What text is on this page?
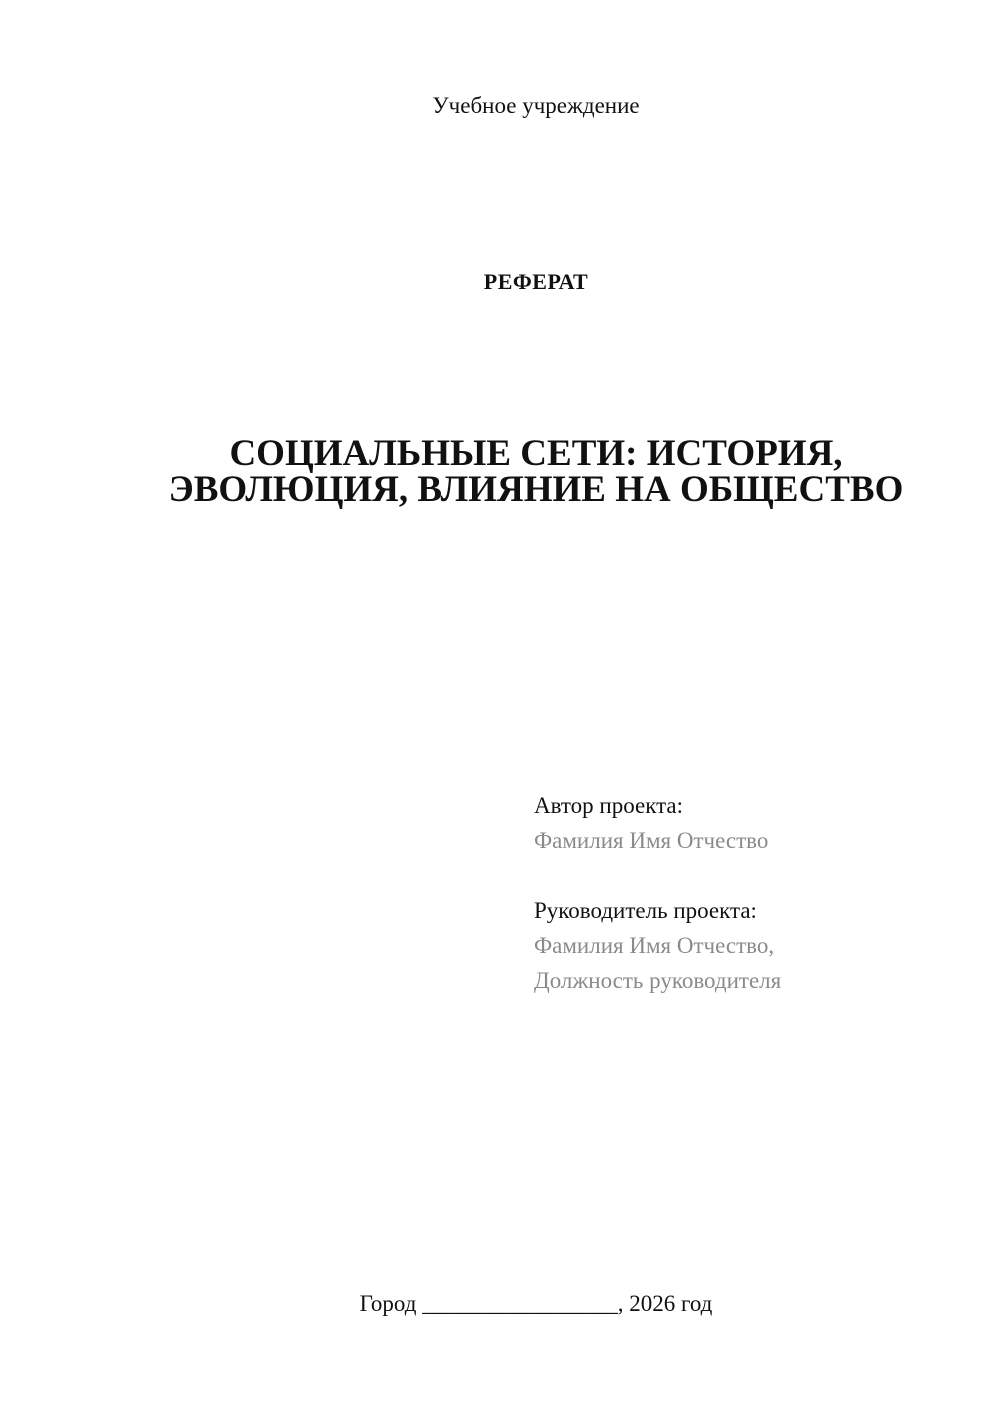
Учебное учреждение
РЕФЕРАТ
СОЦИАЛЬНЫЕ СЕТИ: ИСТОРИЯ,
ЭВОЛЮЦИЯ, ВЛИЯНИЕ НА ОБЩЕСТВО
Автор проекта:
Фамилия Имя Отчество
Руководитель проекта:
Фамилия Имя Отчество,
Должность руководителя
Город _________________, 2026 год
